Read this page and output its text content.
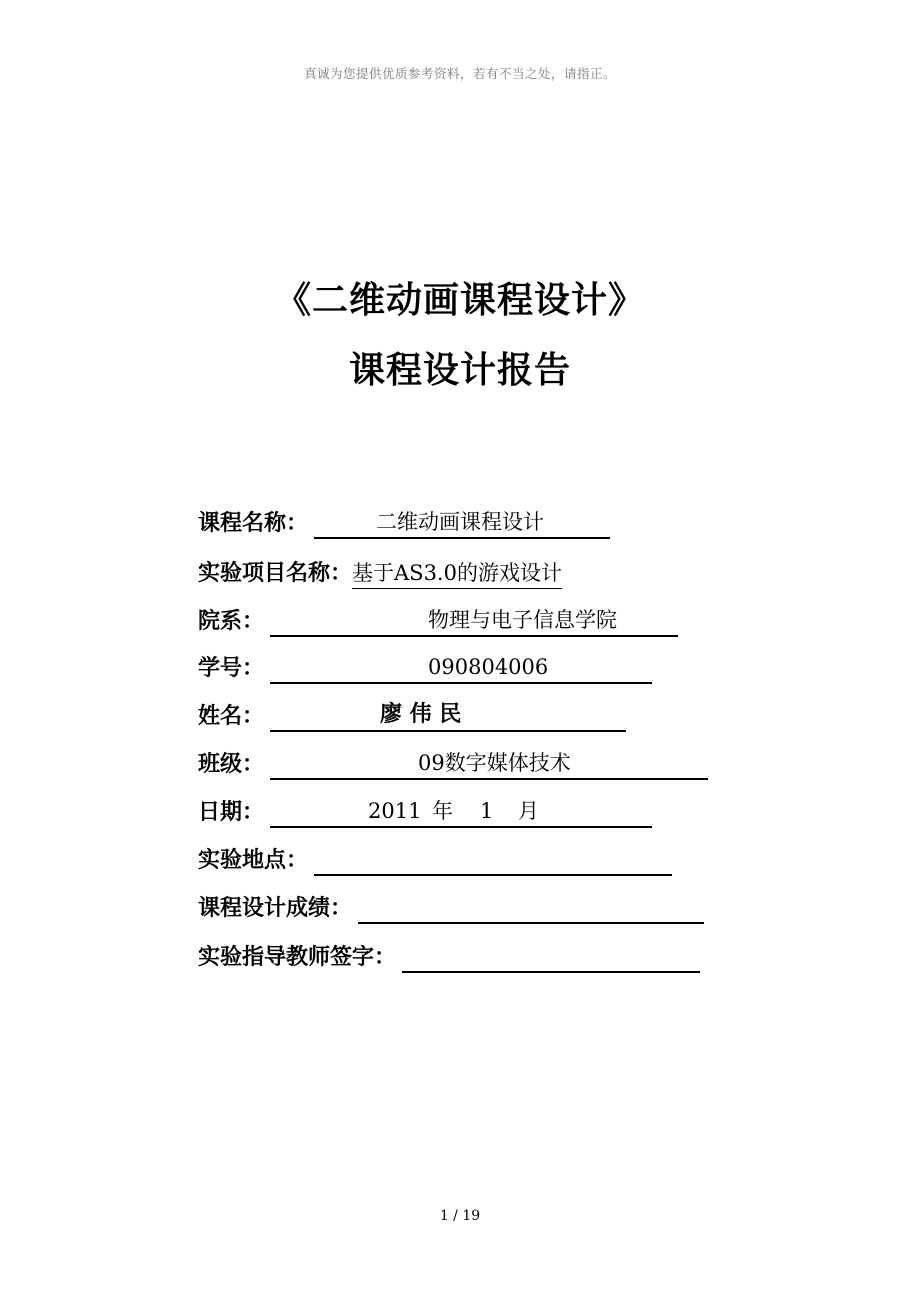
真诚为您提供优质参考资料，若有不当之处，请指正。
《二维动画课程设计》
课程设计报告
课程名称：	二维动画课程设计
实验项目名称： 基于AS3.0的游戏设计
院系：	物理与电子信息学院
学号：	090804006
姓名：	廖 伟 民
班级：	09数字媒体技术
日期：	2011 年 1 月
实验地点：
课程设计成绩：
实验指导教师签字：
1 / 19
